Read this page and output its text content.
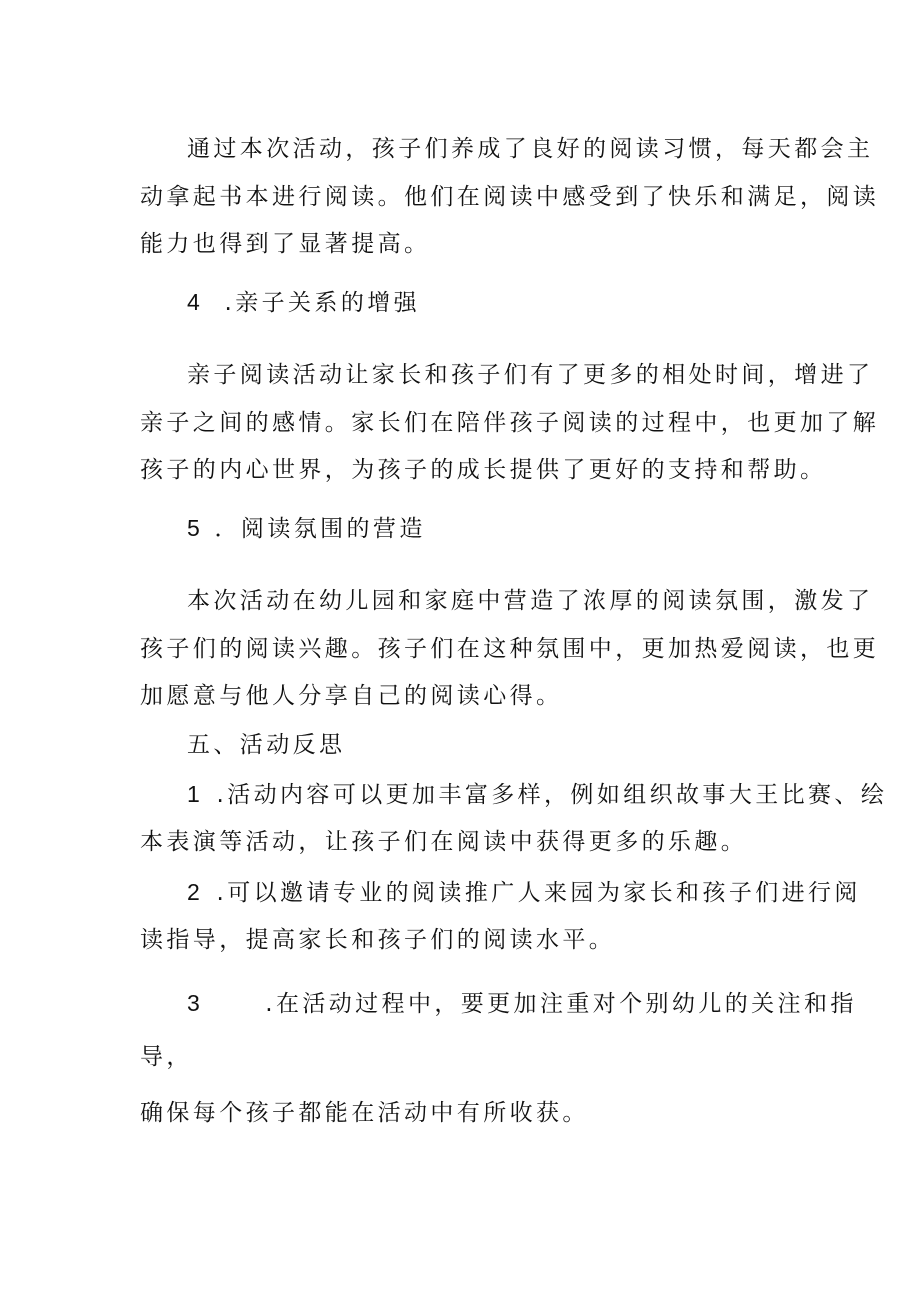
通过本次活动，孩子们养成了良好的阅读习惯，每天都会主
动拿起书本进行阅读。他们在阅读中感受到了快乐和满足，阅读
能力也得到了显著提高。
4 .亲子关系的增强
亲子阅读活动让家长和孩子们有了更多的相处时间，增进了
亲子之间的感情。家长们在陪伴孩子阅读的过程中，也更加了解
孩子的内心世界，为孩子的成长提供了更好的支持和帮助。
5 ．阅读氛围的营造
本次活动在幼儿园和家庭中营造了浓厚的阅读氛围，激发了
孩子们的阅读兴趣。孩子们在这种氛围中，更加热爱阅读，也更
加愿意与他人分享自己的阅读心得。
五、活动反思
1 .活动内容可以更加丰富多样，例如组织故事大王比赛、绘
本表演等活动，让孩子们在阅读中获得更多的乐趣。
2 .可以邀请专业的阅读推广人来园为家长和孩子们进行阅
读指导，提高家长和孩子们的阅读水平。
3	.在活动过程中，要更加注重对个别幼儿的关注和指
导，
确保每个孩子都能在活动中有所收获。
